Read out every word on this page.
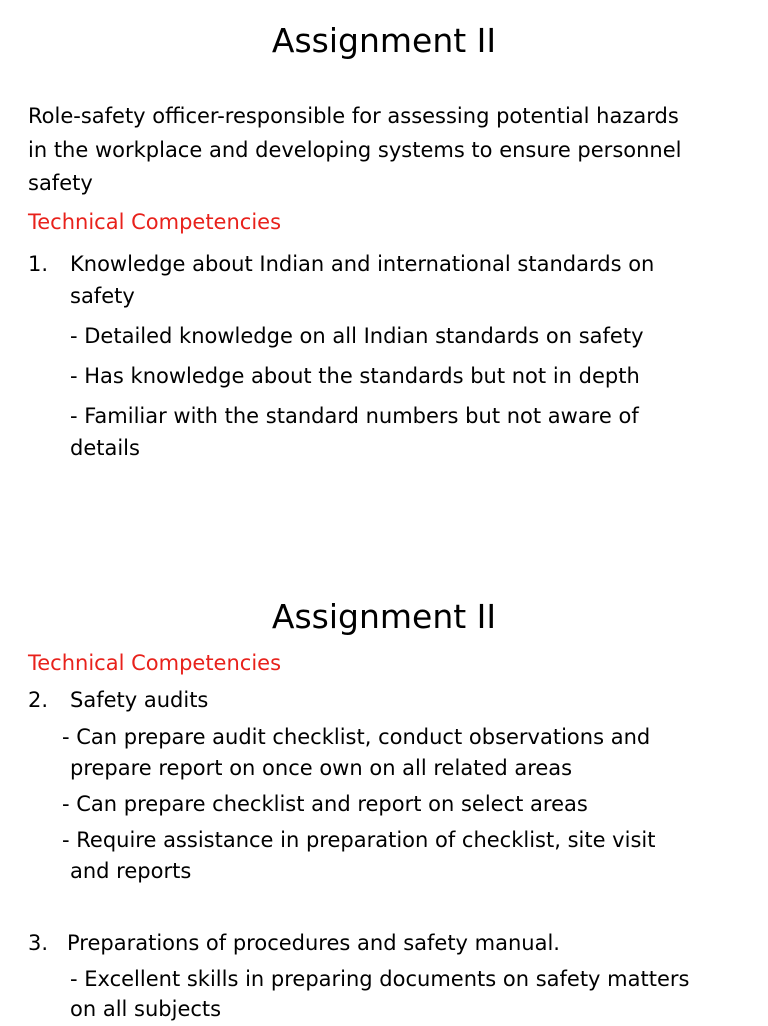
Assignment II
Role-safety officer-responsible for assessing potential hazards
in the workplace and developing systems to ensure personnel
safety
Technical Competencies
1. Knowledge about Indian and international standards on
safety
- Detailed knowledge on all Indian standards on safety
- Has knowledge about the standards but not in depth
- Familiar with the standard numbers but not aware of
details
Assignment II
Technical Competencies
2. Safety audits
- Can prepare audit checklist, conduct observations and
prepare report on once own on all related areas
- Can prepare checklist and report on select areas
- Require assistance in preparation of checklist, site visit
and reports
3. Preparations of procedures and safety manual.
- Excellent skills in preparing documents on safety matters
on all subjects
